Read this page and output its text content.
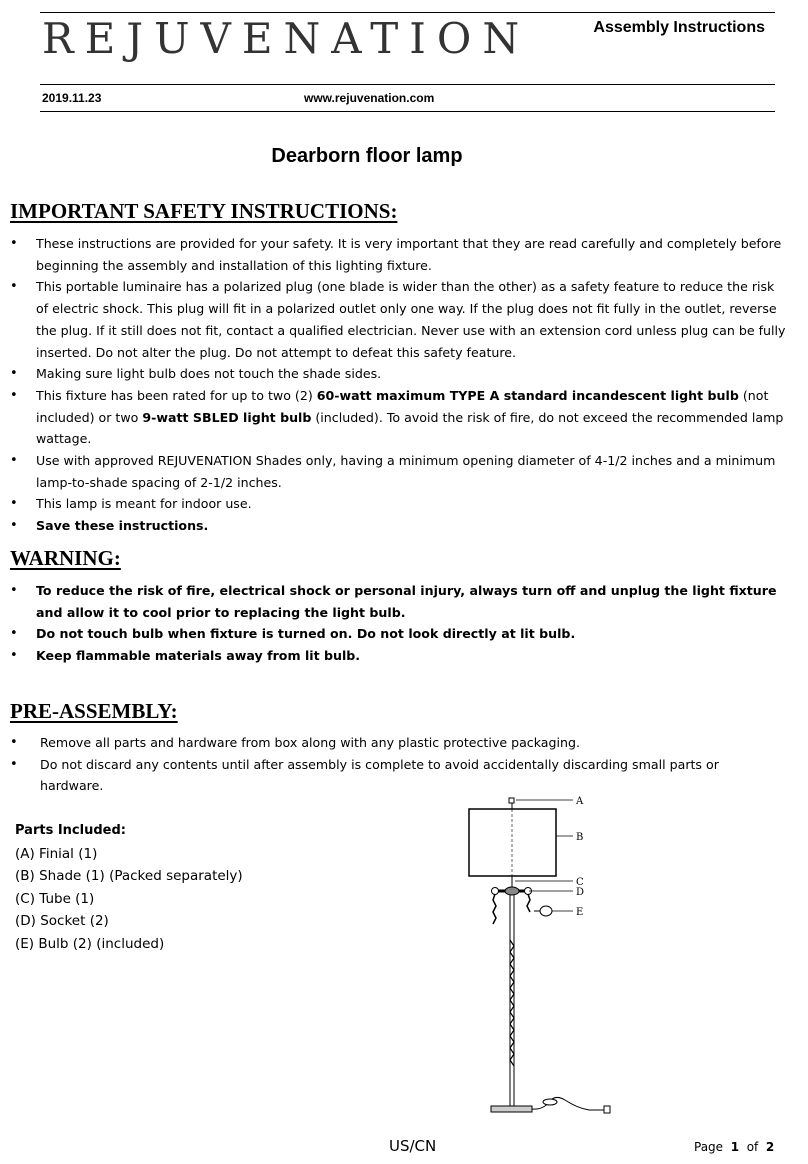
REJUVENATION	Assembly Instructions
2019.11.23	www.rejuvenation.com
Dearborn floor lamp
IMPORTANT SAFETY INSTRUCTIONS:
• These instructions are provided for your safety. It is very important that they are read carefully and completely before beginning the assembly and installation of this lighting fixture.
• This portable luminaire has a polarized plug (one blade is wider than the other) as a safety feature to reduce the risk of electric shock. This plug will fit in a polarized outlet only one way. If the plug does not fit fully in the outlet, reverse the plug. If it still does not fit, contact a qualified electrician. Never use with an extension cord unless plug can be fully inserted. Do not alter the plug. Do not attempt to defeat this safety feature.
• Making sure light bulb does not touch the shade sides.
• This fixture has been rated for up to two (2) 60-watt maximum TYPE A standard incandescent light bulb (not included) or two 9-watt SBLED light bulb (included). To avoid the risk of fire, do not exceed the recommended lamp wattage.
• Use with approved REJUVENATION Shades only, having a minimum opening diameter of 4-1/2 inches and a minimum lamp-to-shade spacing of 2-1/2 inches.
• This lamp is meant for indoor use.
• Save these instructions.
WARNING:
• To reduce the risk of fire, electrical shock or personal injury, always turn off and unplug the light fixture and allow it to cool prior to replacing the light bulb.
• Do not touch bulb when fixture is turned on. Do not look directly at lit bulb.
• Keep flammable materials away from lit bulb.
PRE-ASSEMBLY:
• Remove all parts and hardware from box along with any plastic protective packaging.
• Do not discard any contents until after assembly is complete to avoid accidentally discarding small parts or hardware.
Parts Included:
(A) Finial (1)
(B) Shade (1) (Packed separately)
(C) Tube (1)
(D) Socket (2)
(E) Bulb (2) (included)
A
B
C
D
E
US/CN	Page 1 of 2
